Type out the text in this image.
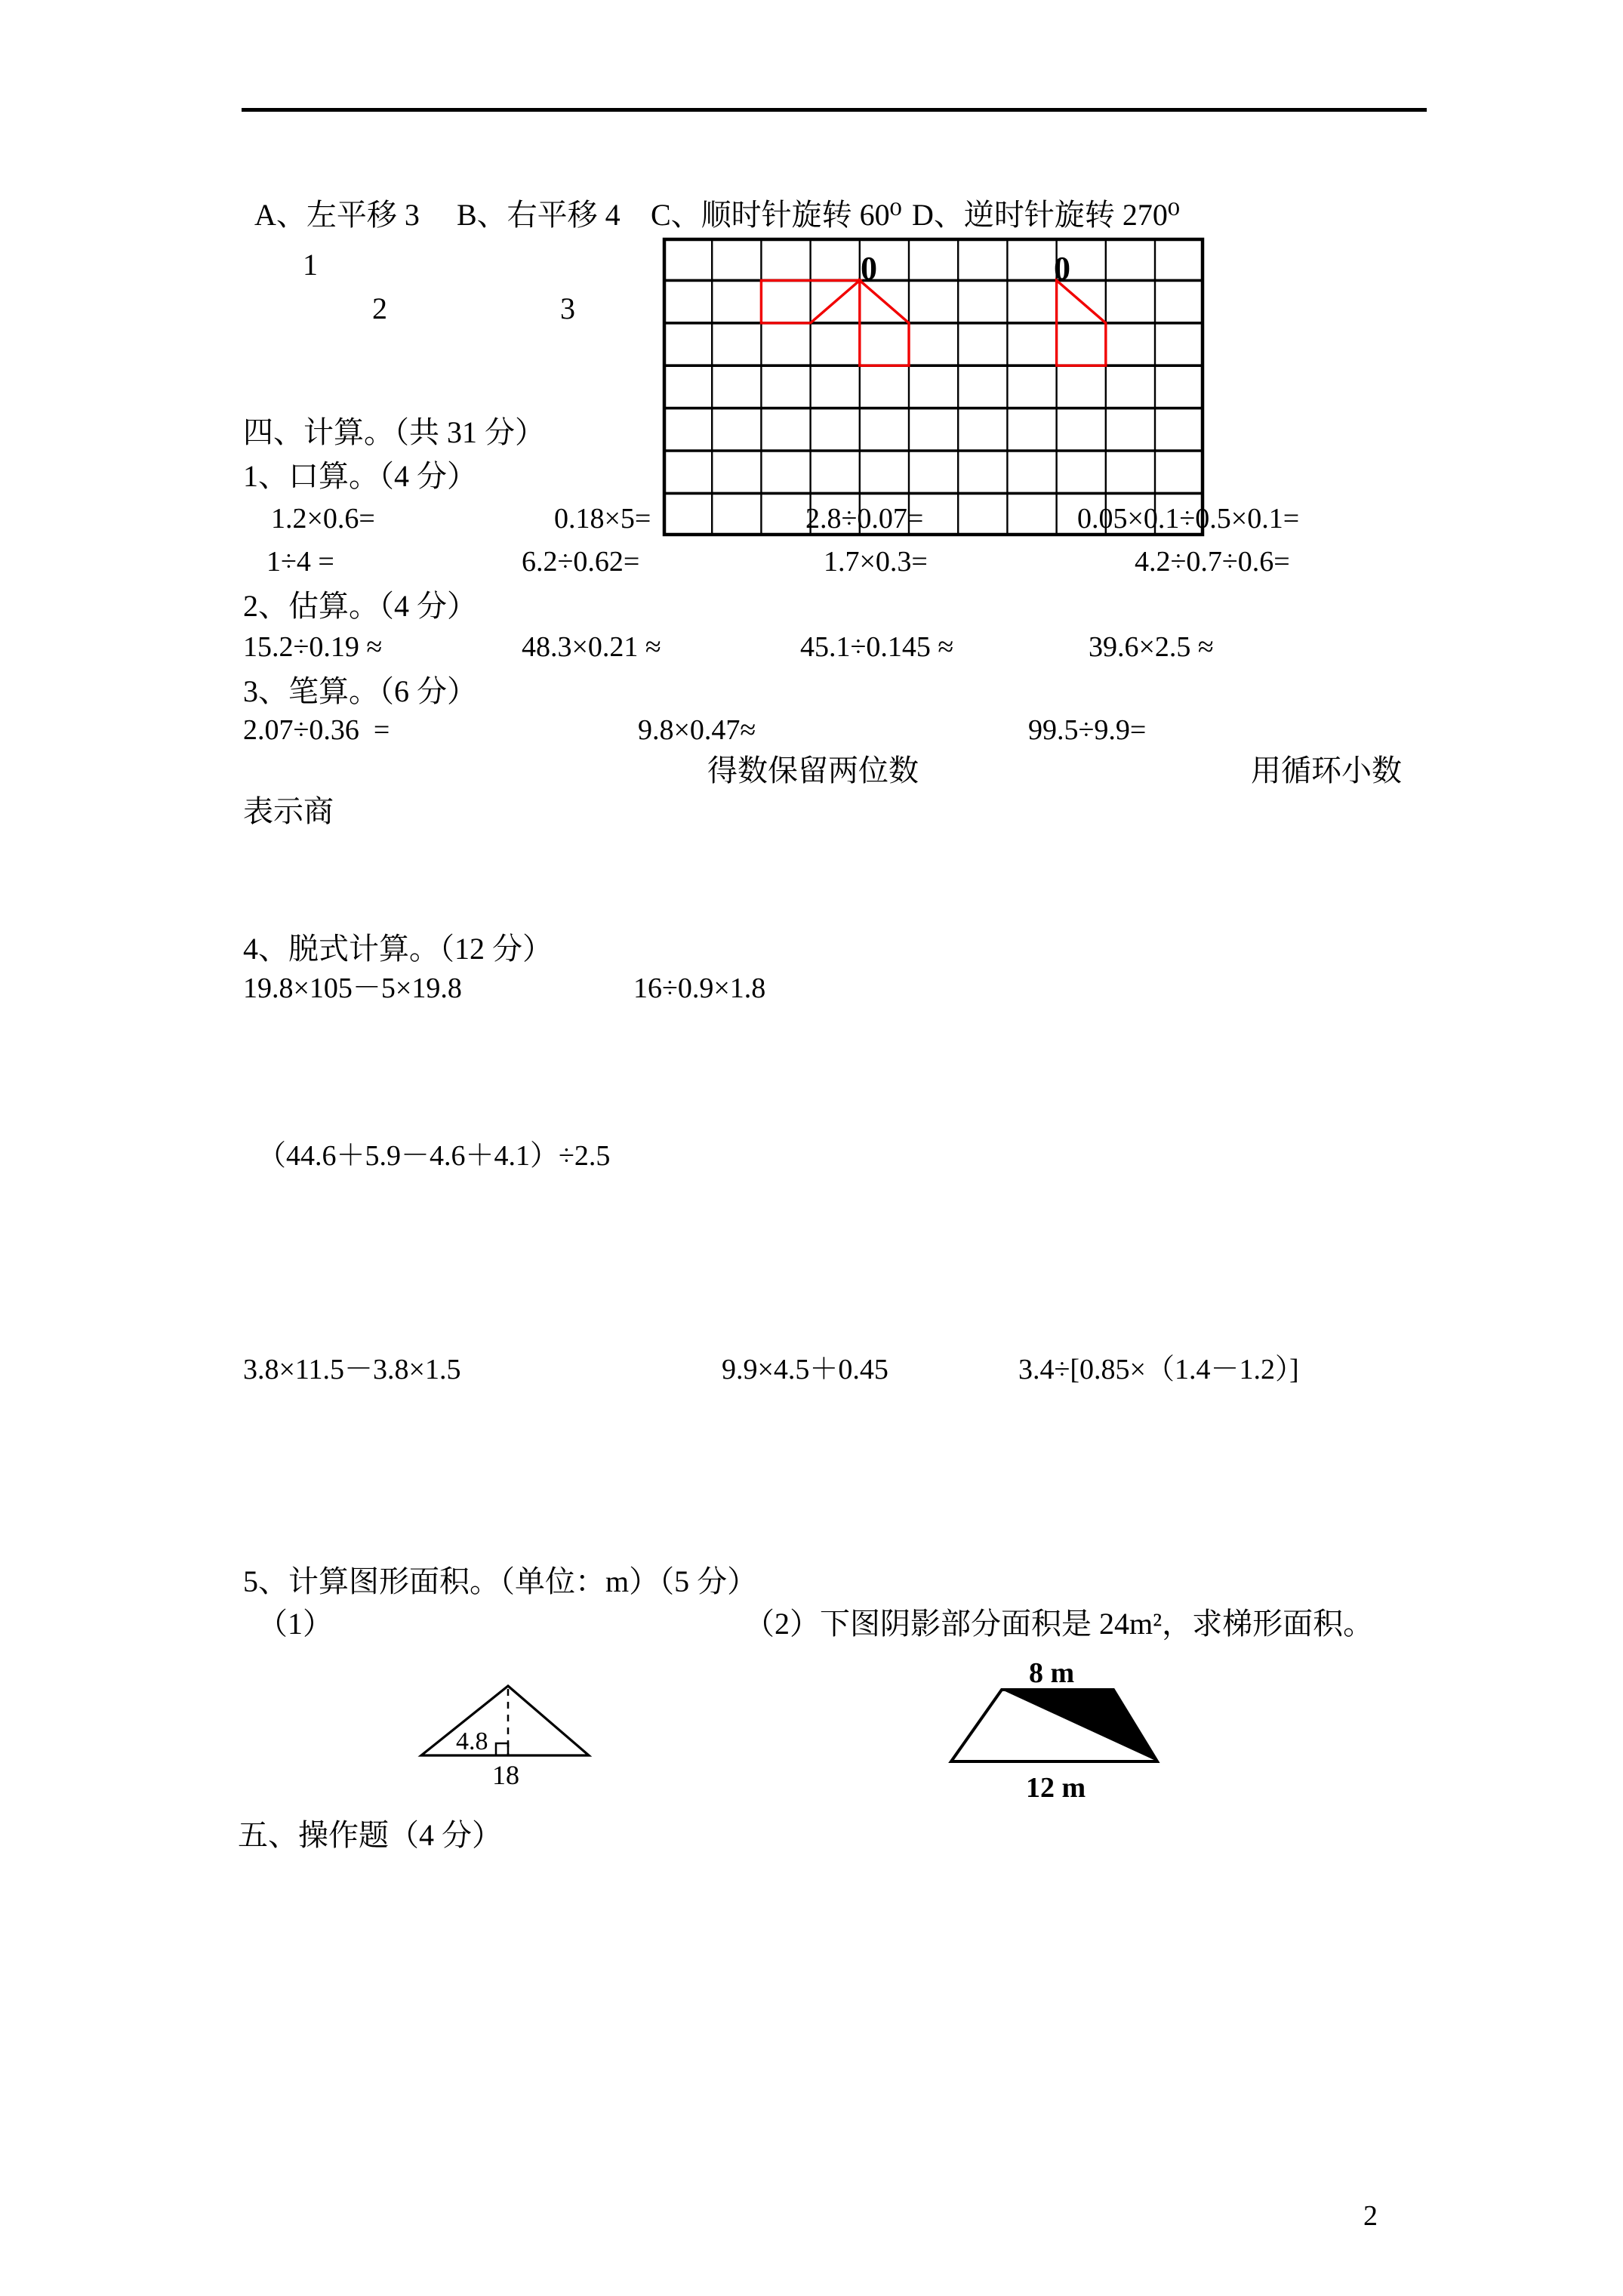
A、左平移 3 B、右平移 4 C、顺时针旋转 60⁰ D、逆时针旋转 270⁰
1
2	3
0	0
四、计算。（共 31 分）
1、口算。（4 分）
1.2×0.6=	0.18×5=	2.8÷0.07=	0.05×0.1÷0.5×0.1=
1÷4 =	6.2÷0.62=	1.7×0.3=	4.2÷0.7÷0.6=
2、估算。（4 分）
15.2÷0.19 ≈	48.3×0.21 ≈	45.1÷0.145 ≈	39.6×2.5 ≈
3、笔算。（6 分）
2.07÷0.36  =	9.8×0.47≈	99.5÷9.9=
得数保留两位数	用循环小数
表示商
4、脱式计算。（12 分）
19.8×105－5×19.8	16÷0.9×1.8
（44.6＋5.9－4.6＋4.1）÷2.5
3.8×11.5－3.8×1.5	9.9×4.5＋0.45	3.4÷[0.85×（1.4－1.2）]
5、计算图形面积。（单位：m）（5 分）
（1）	（2）下图阴影部分面积是 24m²，求梯形面积。
4.8
18
8 m
12 m
五、操作题（4 分）
2
